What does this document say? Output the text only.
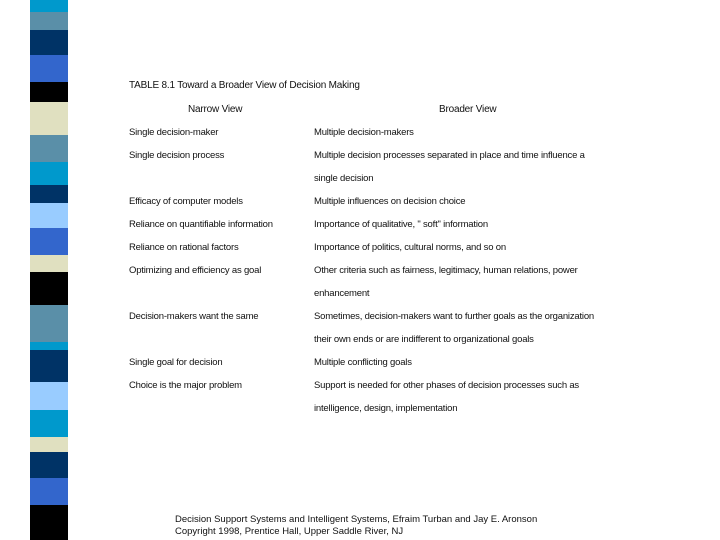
TABLE 8.1 Toward a Broader View of Decision Making
Narrow View	Broader View
Single decision-maker	Multiple decision-makers
Single decision process	Multiple decision processes separated in place and time influence a
single decision
Efficacy of computer models	Multiple influences on decision choice
Reliance on quantifiable information	Importance of qualitative, " soft" information
Reliance on rational factors	Importance of politics, cultural norms, and so on
Optimizing and efficiency as goal	Other criteria such as fairness, legitimacy, human relations, power
enhancement
Decision-makers want the same	Sometimes, decision-makers want to further goals as the organization
their own ends or are indifferent to organizational goals
Single goal for decision	Multiple conflicting goals
Choice is the major problem	Support is needed for other phases of decision processes such as
intelligence, design, implementation
Decision Support Systems and Intelligent Systems, Efraim Turban and Jay E. Aronson
Copyright 1998, Prentice Hall, Upper Saddle River, NJ
